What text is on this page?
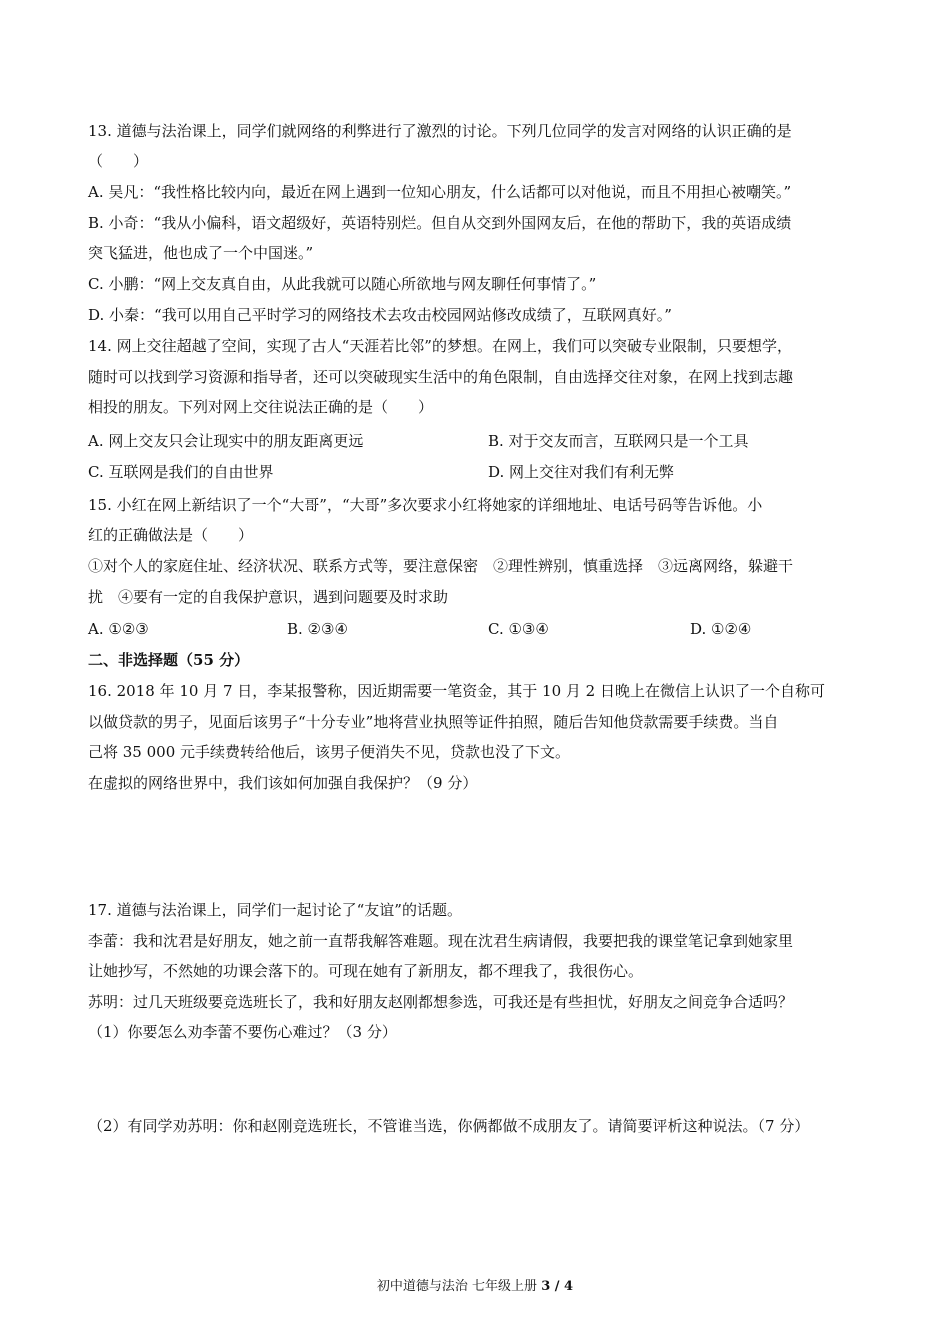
13. 道德与法治课上，同学们就网络的利弊进行了激烈的讨论。下列几位同学的发言对网络的认识正确的是
（　　）
A. 吴凡：“我性格比较内向，最近在网上遇到一位知心朋友，什么话都可以对他说，而且不用担心被嘲笑。”
B. 小奇：“我从小偏科，语文超级好，英语特别烂。但自从交到外国网友后，在他的帮助下，我的英语成绩
突飞猛进，他也成了一个中国迷。”
C. 小鹏：“网上交友真自由，从此我就可以随心所欲地与网友聊任何事情了。”
D. 小秦：“我可以用自己平时学习的网络技术去攻击校园网站修改成绩了，互联网真好。”
14. 网上交往超越了空间，实现了古人“天涯若比邻”的梦想。在网上，我们可以突破专业限制，只要想学，
随时可以找到学习资源和指导者，还可以突破现实生活中的角色限制，自由选择交往对象，在网上找到志趣
相投的朋友。下列对网上交往说法正确的是（　　）
A. 网上交友只会让现实中的朋友距离更远	B. 对于交友而言，互联网只是一个工具
C. 互联网是我们的自由世界	D. 网上交往对我们有利无弊
15. 小红在网上新结识了一个“大哥”，“大哥”多次要求小红将她家的详细地址、电话号码等告诉他。小
红的正确做法是（　　）
①对个人的家庭住址、经济状况、联系方式等，要注意保密　②理性辨别，慎重选择　③远离网络，躲避干
扰　④要有一定的自我保护意识，遇到问题要及时求助
A. ①②③	B. ②③④	C. ①③④	D. ①②④
二、非选择题（55 分）
16. 2018 年 10 月 7 日，李某报警称，因近期需要一笔资金，其于 10 月 2 日晚上在微信上认识了一个自称可
以做贷款的男子，见面后该男子“十分专业”地将营业执照等证件拍照，随后告知他贷款需要手续费。当自
己将 35 000 元手续费转给他后，该男子便消失不见，贷款也没了下文。
在虚拟的网络世界中，我们该如何加强自我保护？（9 分）
17. 道德与法治课上，同学们一起讨论了“友谊”的话题。
李蕾：我和沈君是好朋友，她之前一直帮我解答难题。现在沈君生病请假，我要把我的课堂笔记拿到她家里
让她抄写，不然她的功课会落下的。可现在她有了新朋友，都不理我了，我很伤心。
苏明：过几天班级要竞选班长了，我和好朋友赵刚都想参选，可我还是有些担忧，好朋友之间竞争合适吗？
（1）你要怎么劝李蕾不要伤心难过？（3 分）
（2）有同学劝苏明：你和赵刚竞选班长，不管谁当选，你俩都做不成朋友了。请简要评析这种说法。（7 分）
初中道德与法治 七年级上册 3 / 4
